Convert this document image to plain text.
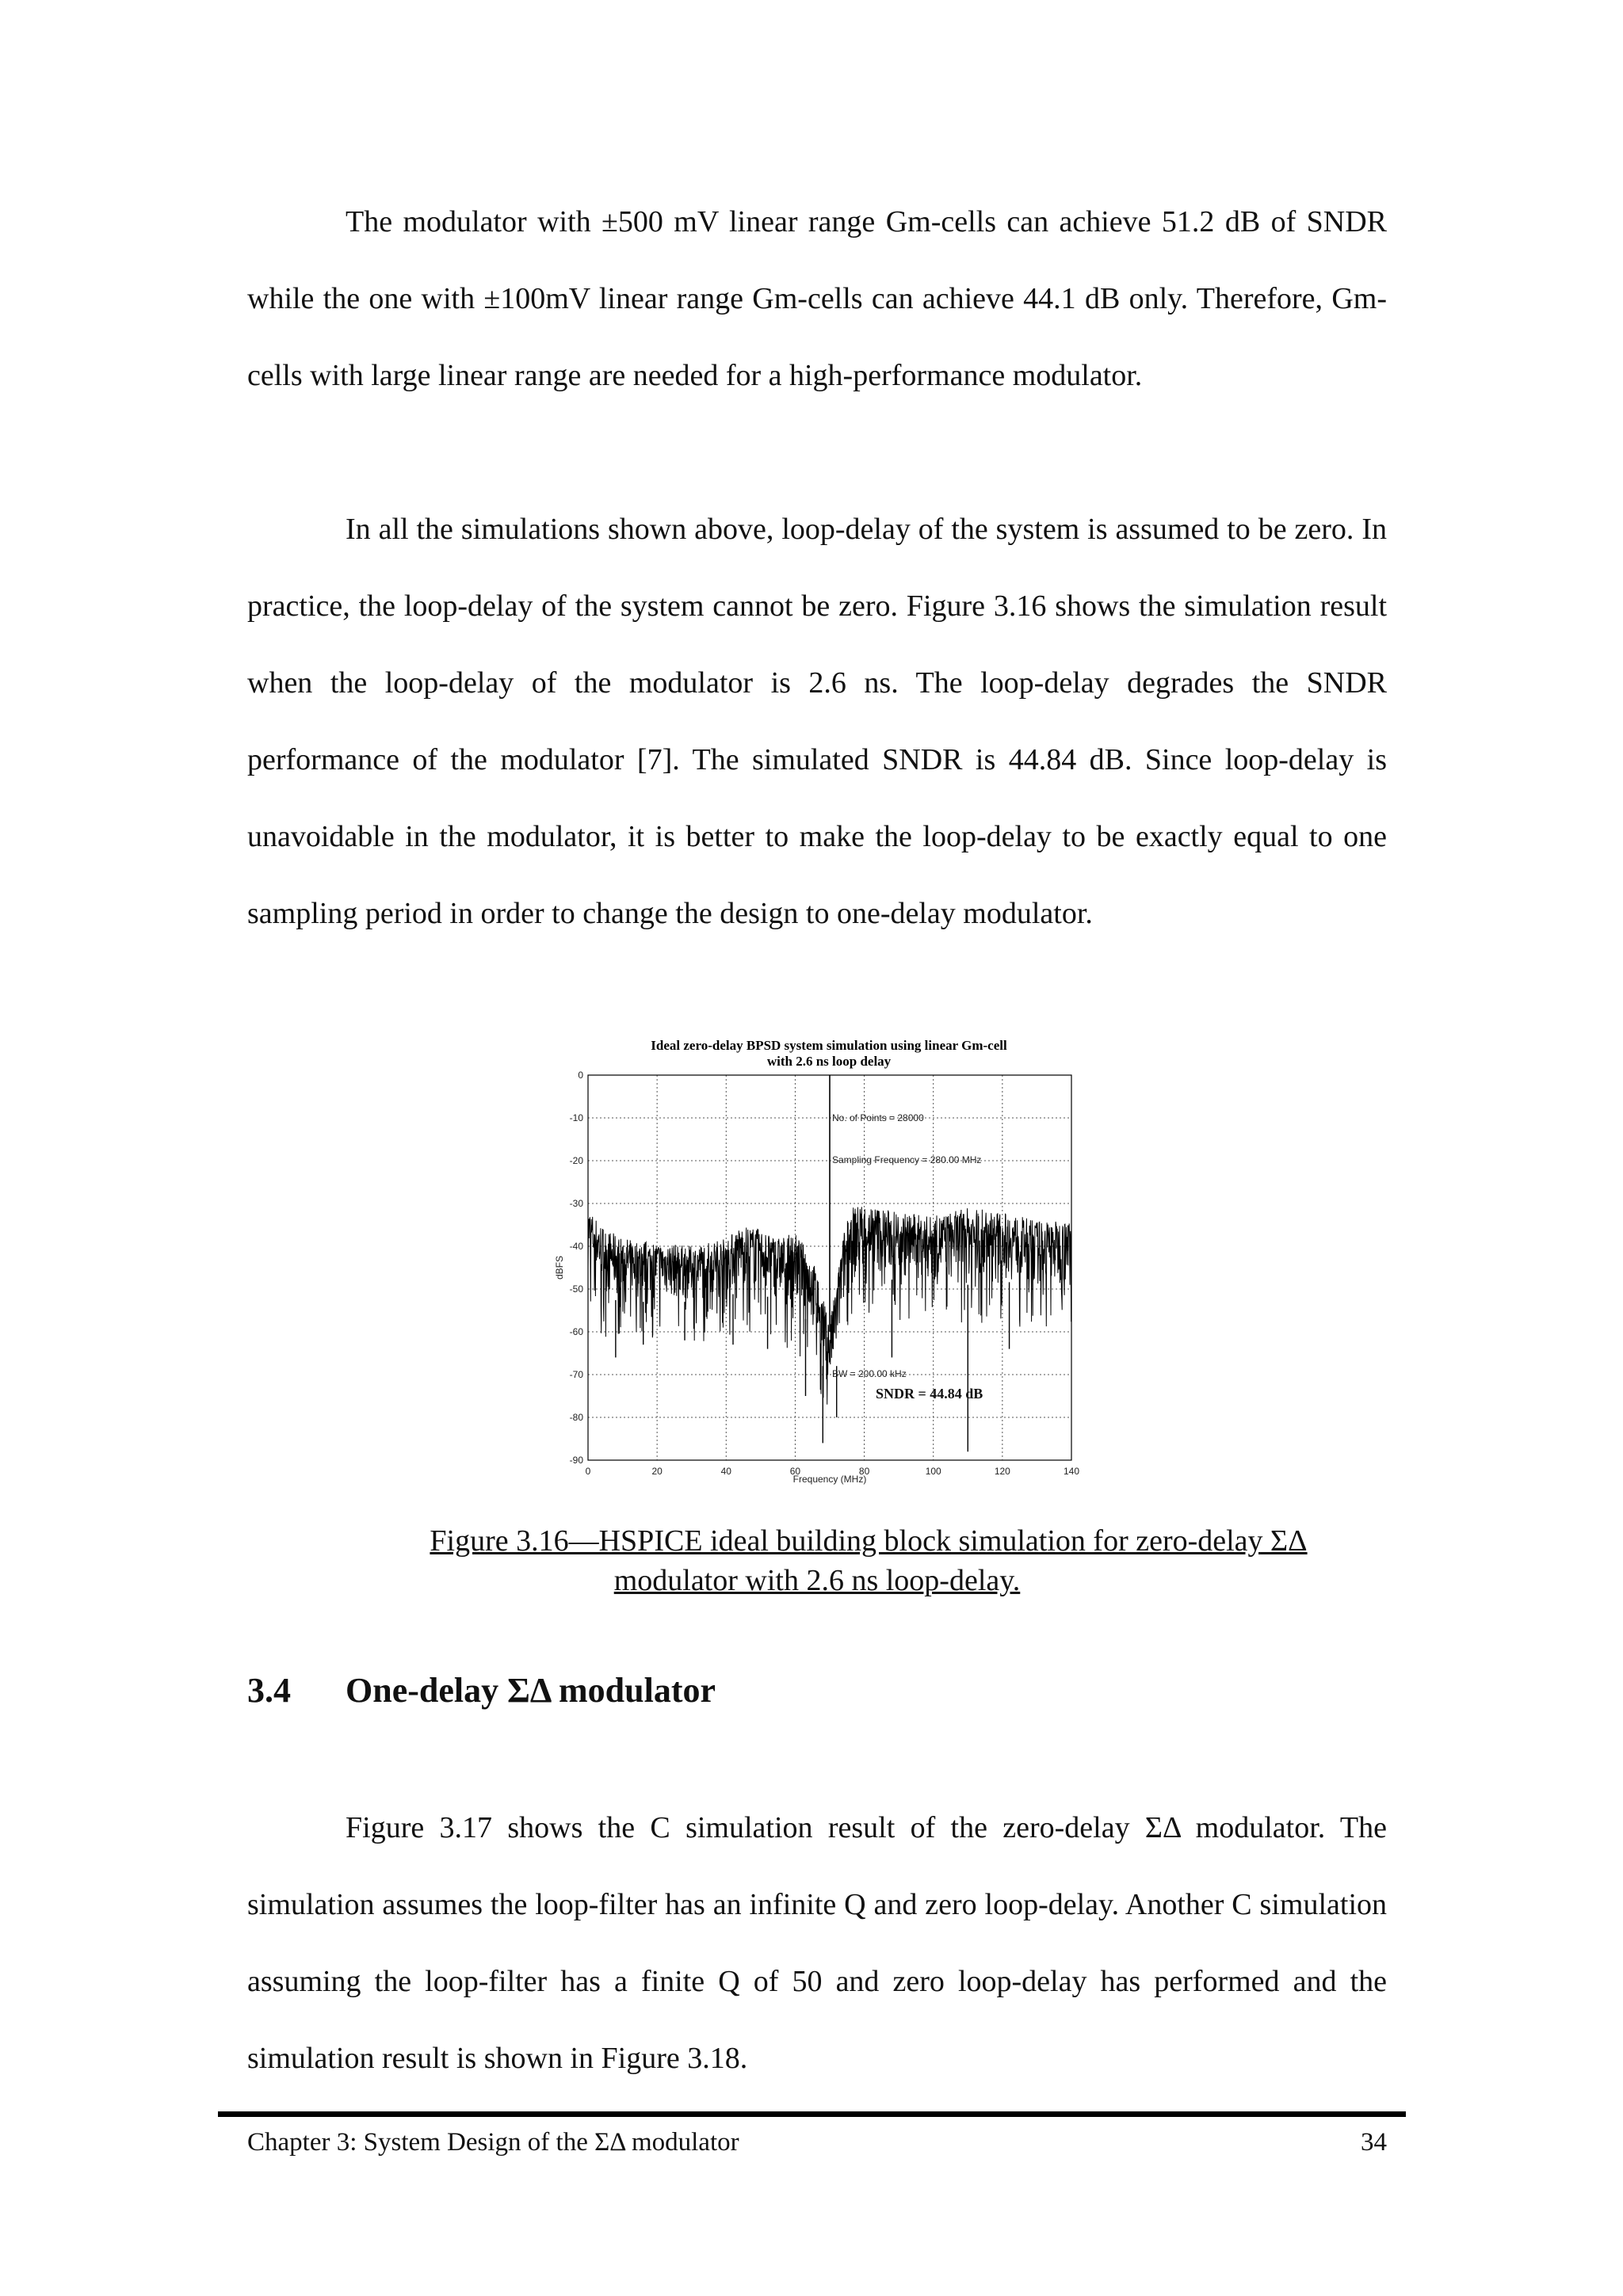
The modulator with ±500 mV linear range Gm-cells can achieve 51.2 dB of SNDR while the one with ±100mV linear range Gm-cells can achieve 44.1 dB only. Therefore, Gm-cells with large linear range are needed for a high-performance modulator.

In all the simulations shown above, loop-delay of the system is assumed to be zero. In practice, the loop-delay of the system cannot be zero. Figure 3.16 shows the simulation result when the loop-delay of the modulator is 2.6 ns. The loop-delay degrades the SNDR performance of the modulator [7]. The simulated SNDR is 44.84 dB. Since loop-delay is unavoidable in the modulator, it is better to make the loop-delay to be exactly equal to one sampling period in order to change the design to one-delay modulator.

Ideal zero-delay BPSD system simulation using linear Gm-cell
with 2.6 ns loop delay
0	20	40	60	80	100	120	140
0
-10
-20
-30
-40
-50
-60
-70
-80
-90
No. of Points = 28000
Sampling Frequency = 280.00 MHz
BW = 200.00 kHz
SNDR = 44.84 dB
Frequency (MHz)
dBFS
Figure 3.16—HSPICE ideal building block simulation for zero-delay ΣΔ
modulator with 2.6 ns loop-delay.
3.4 One-delay ΣΔ modulator

Figure 3.17 shows the C simulation result of the zero-delay ΣΔ modulator. The simulation assumes the loop-filter has an infinite Q and zero loop-delay. Another C simulation assuming the loop-filter has a finite Q of 50 and zero loop-delay has performed and the simulation result is shown in Figure 3.18.

Chapter 3: System Design of the ΣΔ modulator	34
